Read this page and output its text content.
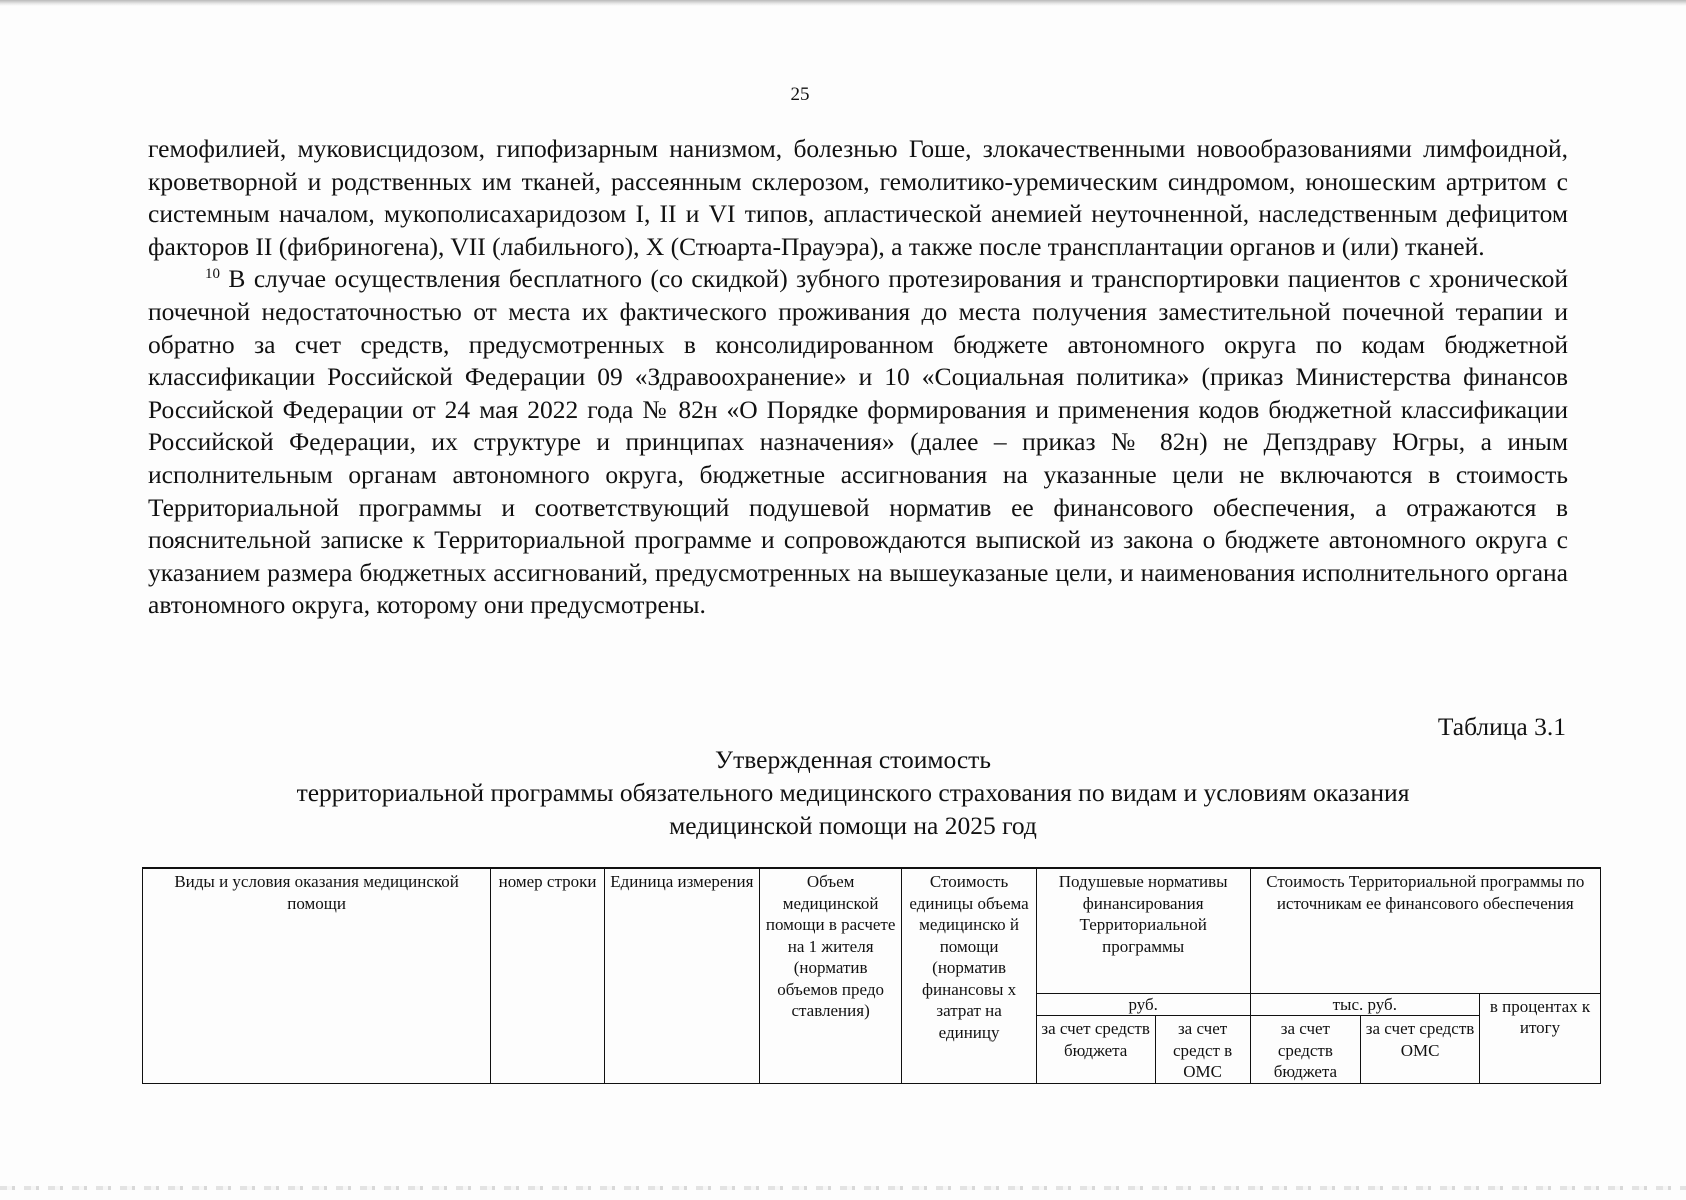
25

гемофилией, муковисцидозом, гипофизарным нанизмом, болезнью Гоше, злокачественными новообразованиями лимфоидной, кроветворной и родственных им тканей, рассеянным склерозом, гемолитико-уремическим синдромом, юношеским артритом с системным началом, мукополисахаридозом I, II и VI типов, апластической анемией неуточненной, наследственным дефицитом факторов II (фибриногена), VII (лабильного), X (Стюарта-Прауэра), а также после трансплантации органов и (или) тканей.

$^{10}$ В случае осуществления бесплатного (со скидкой) зубного протезирования и транспортировки пациентов с хронической почечной недостаточностью от места их фактического проживания до места получения заместительной почечной терапии и обратно за счет средств, предусмотренных в консолидированном бюджете автономного округа по кодам бюджетной классификации Российской Федерации 09 «Здравоохранение» и 10 «Социальная политика» (приказ Министерства финансов Российской Федерации от 24 мая 2022 года № 82н «О Порядке формирования и применения кодов бюджетной классификации Российской Федерации, их структуре и принципах назначения» (далее – приказ № 82н) не Депздраву Югры, а иным исполнительным органам автономного округа, бюджетные ассигнования на указанные цели не включаются в стоимость Территориальной программы и соответствующий подушевой норматив ее финансового обеспечения, а отражаются в пояснительной записке к Территориальной программе и сопровождаются выпиской из закона о бюджете автономного округа с указанием размера бюджетных ассигнований, предусмотренных на вышеуказаные цели, и наименования исполнительного органа автономного округа, которому они предусмотрены.

Таблица 3.1
Утвержденная стоимость
территориальной программы обязательного медицинского страхования по видам и условиям оказания
медицинской помощи на 2025 год
Виды и условия оказания медицинской помощи	номер строки	Единица измерения	Объем медицинской помощи в расчете на 1 жителя (норматив объемов предо ставления)	Стоимость единицы объема медицинско й помощи (норматив финансовы х затрат на единицу	Подушевые нормативы финансирования Территориальной программы		Стоимость Территориальной программы по источникам ее финансового обеспечения		
					руб.		тыс. руб.		в процентах к итогу
					за счет средств бюджета	за счет средст в ОМС	за счет средств бюджета	за счет средств ОМС	
